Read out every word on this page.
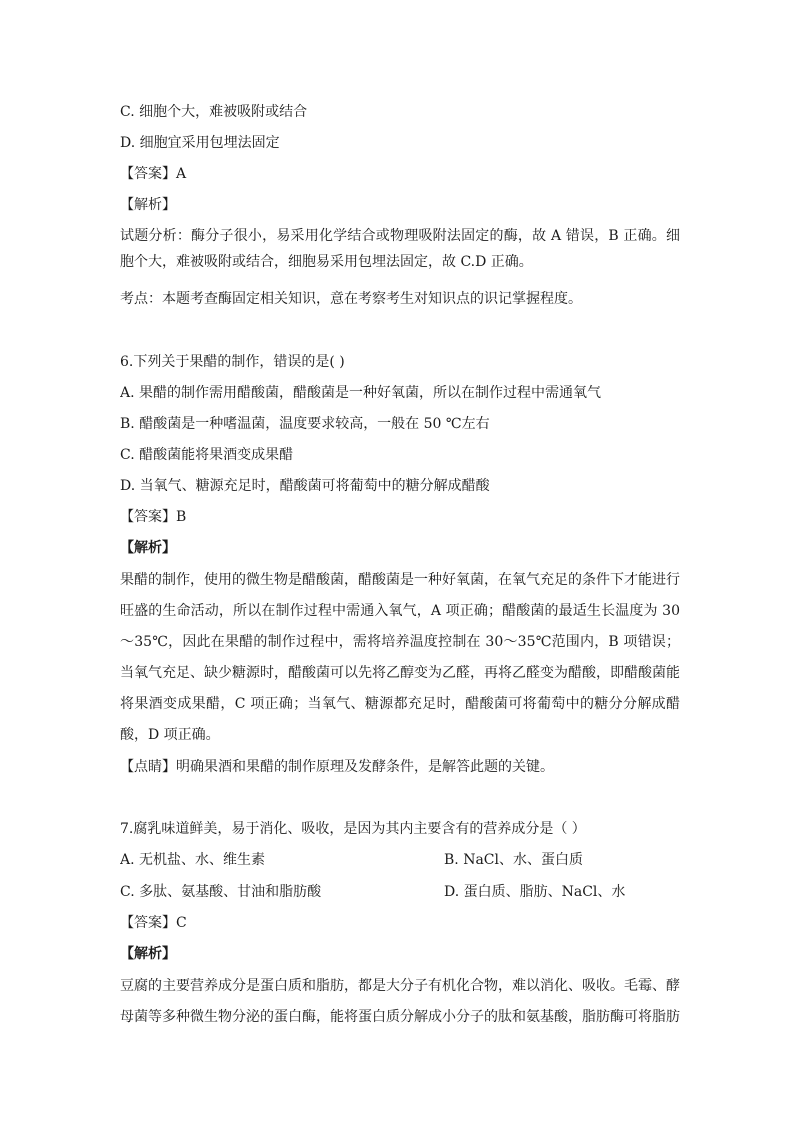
C. 细胞个大，难被吸附或结合
D. 细胞宜采用包埋法固定
【答案】A
【解析】
试题分析：酶分子很小，易采用化学结合或物理吸附法固定的酶，故 A 错误，B 正确。细胞个大，难被吸附或结合，细胞易采用包埋法固定，故 C.D 正确。
考点：本题考查酶固定相关知识，意在考察考生对知识点的识记掌握程度。
6.下列关于果醋的制作，错误的是( )
A. 果醋的制作需用醋酸菌，醋酸菌是一种好氧菌，所以在制作过程中需通氧气
B. 醋酸菌是一种嗜温菌，温度要求较高，一般在 50 ℃左右
C. 醋酸菌能将果酒变成果醋
D. 当氧气、糖源充足时，醋酸菌可将葡萄中的糖分解成醋酸
【答案】B
【解析】
果醋的制作，使用的微生物是醋酸菌，醋酸菌是一种好氧菌，在氧气充足的条件下才能进行旺盛的生命活动，所以在制作过程中需通入氧气，A 项正确；醋酸菌的最适生长温度为 30～35℃，因此在果醋的制作过程中，需将培养温度控制在 30～35℃范围内，B 项错误；当氧气充足、缺少糖源时，醋酸菌可以先将乙醇变为乙醛，再将乙醛变为醋酸，即醋酸菌能将果酒变成果醋，C 项正确；当氧气、糖源都充足时，醋酸菌可将葡萄中的糖分分解成醋酸，D 项正确。
【点睛】明确果酒和果醋的制作原理及发酵条件，是解答此题的关键。
7.腐乳味道鲜美，易于消化、吸收，是因为其内主要含有的营养成分是（ ）
A. 无机盐、水、维生素	B. NaCl、水、蛋白质
C. 多肽、氨基酸、甘油和脂肪酸	D. 蛋白质、脂肪、NaCl、水
【答案】C
【解析】
豆腐的主要营养成分是蛋白质和脂肪，都是大分子有机化合物，难以消化、吸收。毛霉、酵母菌等多种微生物分泌的蛋白酶，能将蛋白质分解成小分子的肽和氨基酸，脂肪酶可将脂肪
